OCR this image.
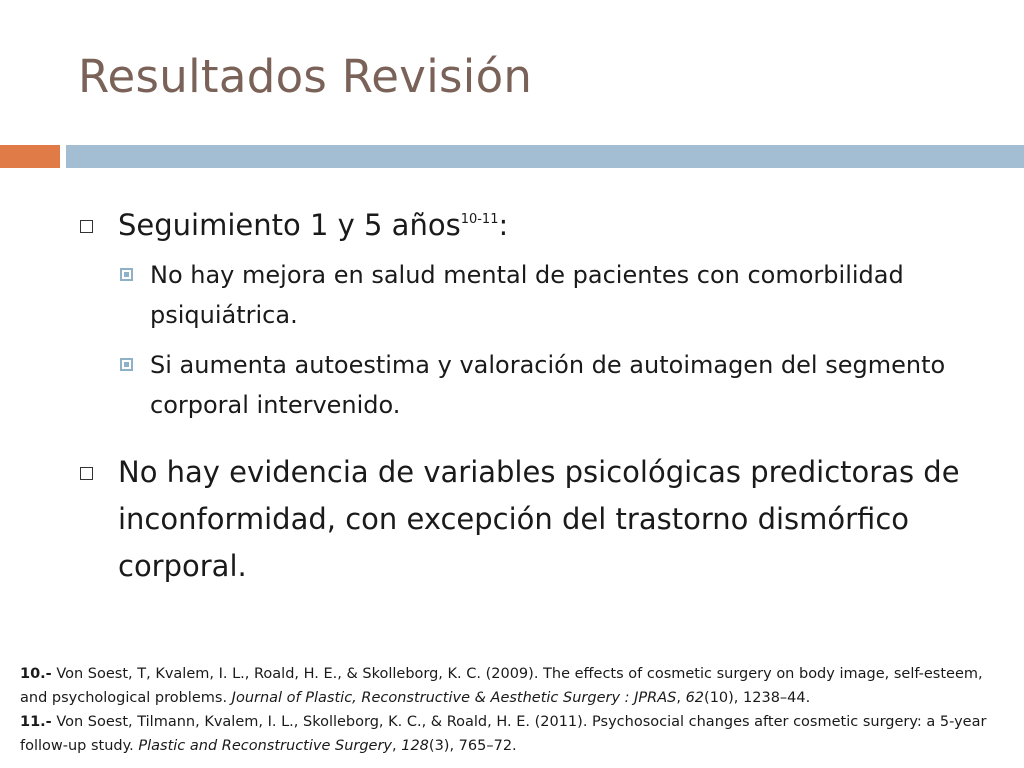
Resultados Revisión
Seguimiento 1 y 5 años$^{10-11}$:
No hay mejora en salud mental de pacientes con comorbilidad psiquiátrica.
Si aumenta autoestima y valoración de autoimagen del segmento corporal intervenido.
No hay evidencia de variables psicológicas predictoras de inconformidad, con excepción del trastorno dismórfico corporal.
10.- Von Soest, T, Kvalem, I. L., Roald, H. E., & Skolleborg, K. C. (2009). The effects of cosmetic surgery on body image, self-esteem, and psychological problems. Journal of Plastic, Reconstructive & Aesthetic Surgery : JPRAS, 62(10), 1238–44.
11.- Von Soest, Tilmann, Kvalem, I. L., Skolleborg, K. C., & Roald, H. E. (2011). Psychosocial changes after cosmetic surgery: a 5-year follow-up study. Plastic and Reconstructive Surgery, 128(3), 765–72.
